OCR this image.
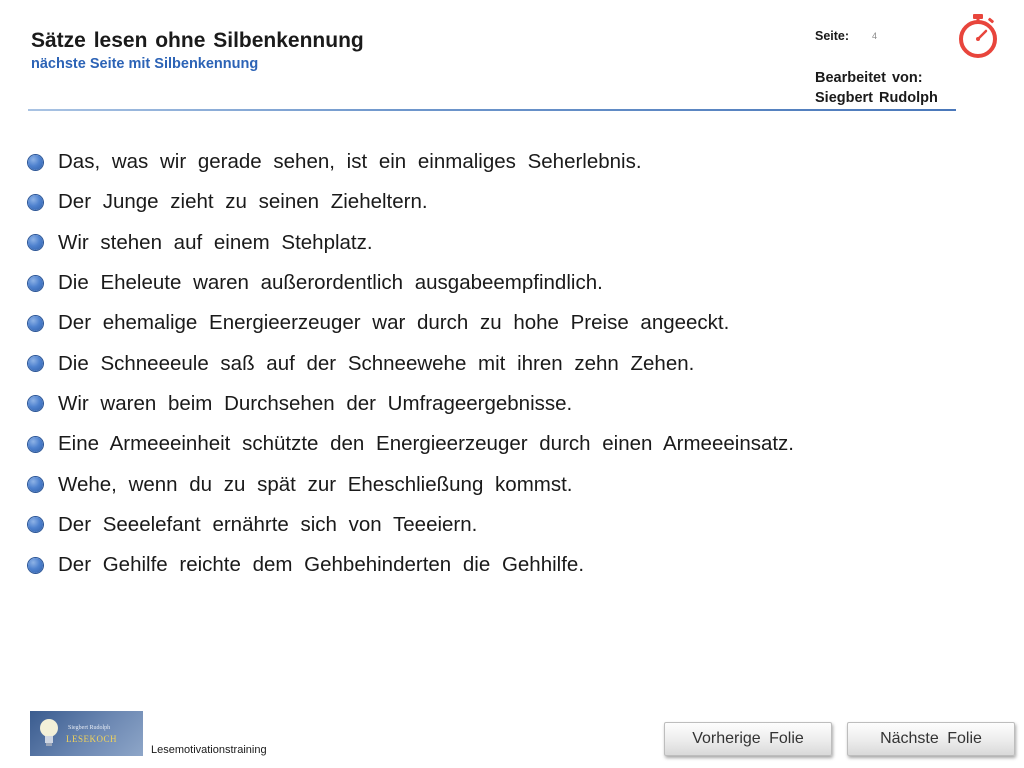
Sätze lesen ohne Silbenkennung
nächste Seite mit Silbenkennung
Seite:	4
Bearbeitet von:
Siegbert Rudolph
Das, was wir gerade sehen, ist ein einmaliges Seherlebnis.
Der Junge zieht zu seinen Zieheltern.
Wir stehen auf einem Stehplatz.
Die Eheleute waren außerordentlich ausgabeempfindlich.
Der ehemalige Energieerzeuger war durch zu hohe Preise angeeckt.
Die Schneeeule saß auf der Schneewehe mit ihren zehn Zehen.
Wir waren beim Durchsehen der Umfrageergebnisse.
Eine Armeeeinheit schützte den Energieerzeuger durch einen Armeeeinsatz.
Wehe, wenn du zu spät zur Eheschließung kommst.
Der Seeelefant ernährte sich von Teeeiern.
Der Gehilfe reichte dem Gehbehinderten die Gehhilfe.
Siegbert Rudolph
LESEKOCH
Lesemotivationstraining
Vorherige Folie	Nächste Folie
